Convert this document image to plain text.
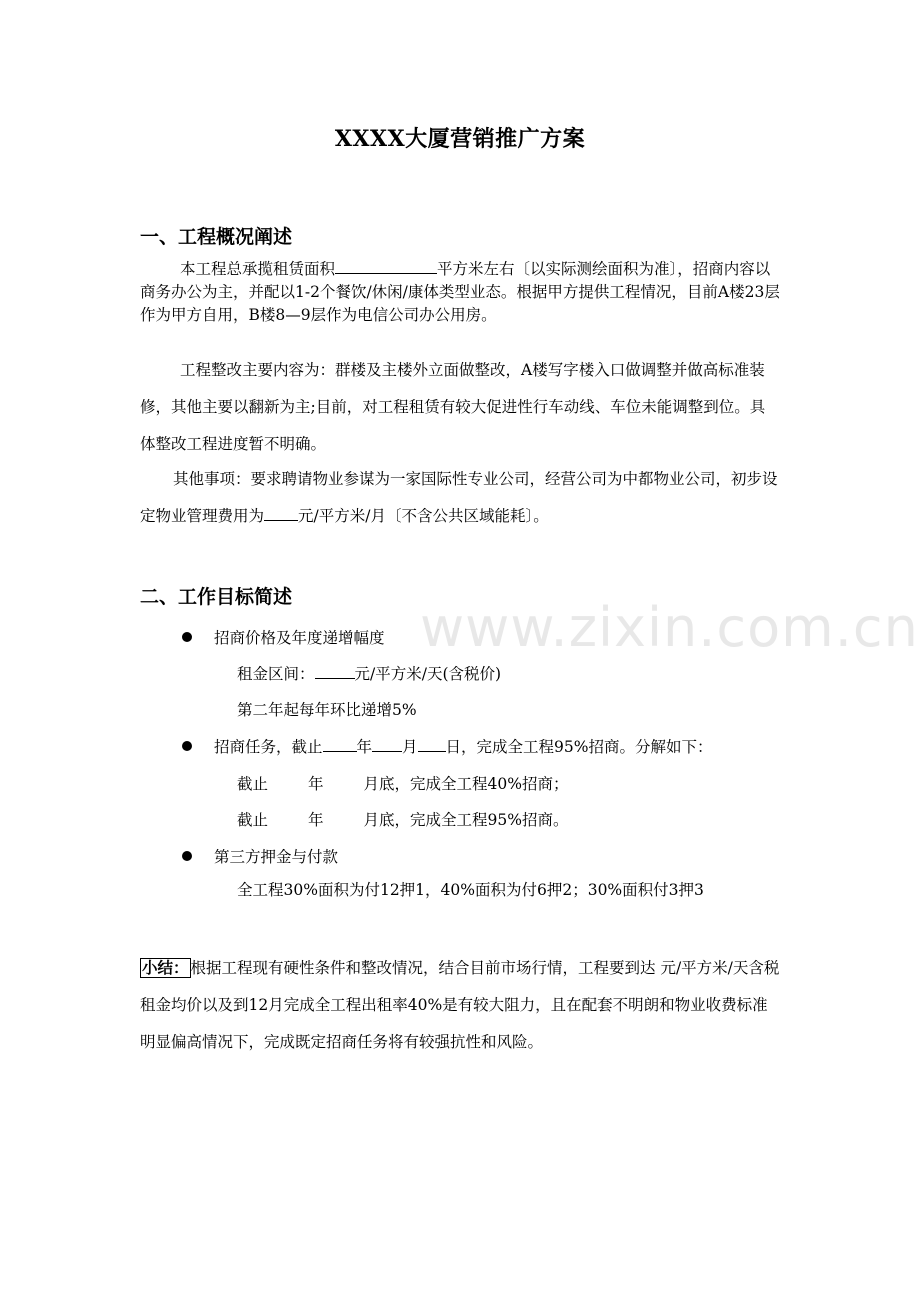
XXXX大厦营销推广方案
一、工程概况阐述
本工程总承揽租赁面积	平方米左右〔以实际测绘面积为准〕，招商内容以商务办公为主，并配以1-2个餐饮/休闲/康体类型业态。根据甲方提供工程情况，目前A楼23层作为甲方自用，B楼8—9层作为电信公司办公用房。
工程整改主要内容为：群楼及主楼外立面做整改，A楼写字楼入口做调整并做高标准装修，其他主要以翻新为主;目前，对工程租赁有较大促进性行车动线、车位未能调整到位。具体整改工程进度暂不明确。
其他事项：要求聘请物业参谋为一家国际性专业公司，经营公司为中都物业公司，初步设定物业管理费用为 元/平方米/月〔不含公共区域能耗〕。
二、工作目标简述
招商价格及年度递增幅度
租金区间：	元/平方米/天(含税价)
第二年起每年环比递增5%
招商任务，截止 年 月 日，完成全工程95%招商。分解如下：
截止	年	月底，完成全工程40%招商；
截止	年	月底，完成全工程95%招商。
第三方押金与付款
全工程30%面积为付12押1，40%面积为付6押2；30%面积付3押3
小结： 根据工程现有硬性条件和整改情况，结合目前市场行情，工程要到达 元/平方米/天含税租金均价以及到12月完成全工程出租率40%是有较大阻力，且在配套不明朗和物业收费标准明显偏高情况下，完成既定招商任务将有较强抗性和风险。
www.zixin.com.cn
